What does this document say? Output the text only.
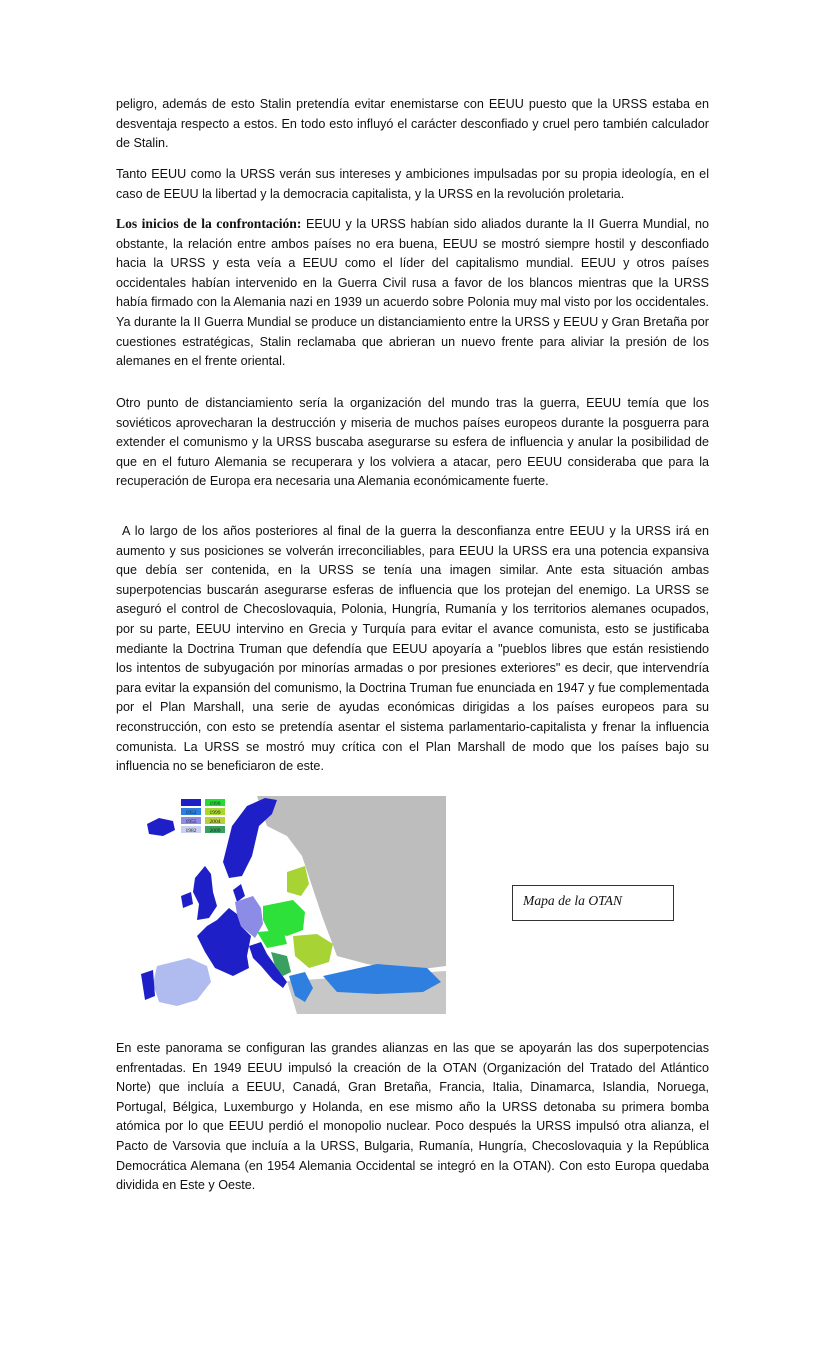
peligro, además de esto Stalin pretendía evitar enemistarse con EEUU puesto que la URSS estaba en desventaja respecto a estos. En todo esto influyó el carácter desconfiado y cruel pero también calculador de Stalin.

Tanto EEUU como la URSS verán sus intereses y ambiciones impulsadas por su propia ideología, en el caso de EEUU la libertad y la democracia capitalista, y la URSS en la revolución proletaria.

Los inicios de la confrontación: EEUU y la URSS habían sido aliados durante la II Guerra Mundial, no obstante, la relación entre ambos países no era buena, EEUU se mostró siempre hostil y desconfiado hacia la URSS y esta veía a EEUU como el líder del capitalismo mundial. EEUU y otros países occidentales habían intervenido en la Guerra Civil rusa a favor de los blancos mientras que la URSS había firmado con la Alemania nazi en 1939 un acuerdo sobre Polonia muy mal visto por los occidentales. Ya durante la II Guerra Mundial se produce un distanciamiento entre la URSS y EEUU y Gran Bretaña por cuestiones estratégicas, Stalin reclamaba que abrieran un nuevo frente para aliviar la presión de los alemanes en el frente oriental.

Otro punto de distanciamiento sería la organización del mundo tras la guerra, EEUU temía que los soviéticos aprovecharan la destrucción y miseria de muchos países europeos durante la posguerra para extender el comunismo y la URSS buscaba asegurarse su esfera de influencia y anular la posibilidad de que en el futuro Alemania se recuperara y los volviera a atacar, pero EEUU consideraba que para la recuperación de Europa era necesaria una Alemania económicamente fuerte.

A lo largo de los años posteriores al final de la guerra la desconfianza entre EEUU y la URSS irá en aumento y sus posiciones se volverán irreconciliables, para EEUU la URSS era una potencia expansiva que debía ser contenida, en la URSS se tenía una imagen similar. Ante esta situación ambas superpotencias buscarán asegurarse esferas de influencia que los protejan del enemigo. La URSS se aseguró el control de Checoslovaquia, Polonia, Hungría, Rumanía y los territorios alemanes ocupados, por su parte, EEUU intervino en Grecia y Turquía para evitar el avance comunista, esto se justificaba mediante la Doctrina Truman que defendía que EEUU apoyaría a "pueblos libres que están resistiendo los intentos de subyugación por minorías armadas o por presiones exteriores" es decir, que intervendría para evitar la expansión del comunismo, la Doctrina Truman fue enunciada en 1947 y fue complementada por el Plan Marshall, una serie de ayudas económicas dirigidas a los países europeos para su reconstrucción, con esto se pretendía asentar el sistema parlamentario-capitalista y frenar la influencia comunista. La URSS se mostró muy crítica con el Plan Marshall de modo que los países bajo su influencia no se beneficiaron de este.

1999
1952 1999
1955 2004
1982 2009
Mapa de la OTAN

En este panorama se configuran las grandes alianzas en las que se apoyarán las dos superpotencias enfrentadas. En 1949 EEUU impulsó la creación de la OTAN (Organización del Tratado del Atlántico Norte) que incluía a EEUU, Canadá, Gran Bretaña, Francia, Italia, Dinamarca, Islandia, Noruega, Portugal, Bélgica, Luxemburgo y Holanda, en ese mismo año la URSS detonaba su primera bomba atómica por lo que EEUU perdió el monopolio nuclear. Poco después la URSS impulsó otra alianza, el Pacto de Varsovia que incluía a la URSS, Bulgaria, Rumanía, Hungría, Checoslovaquia y la República Democrática Alemana (en 1954 Alemania Occidental se integró en la OTAN). Con esto Europa quedaba dividida en Este y Oeste.
